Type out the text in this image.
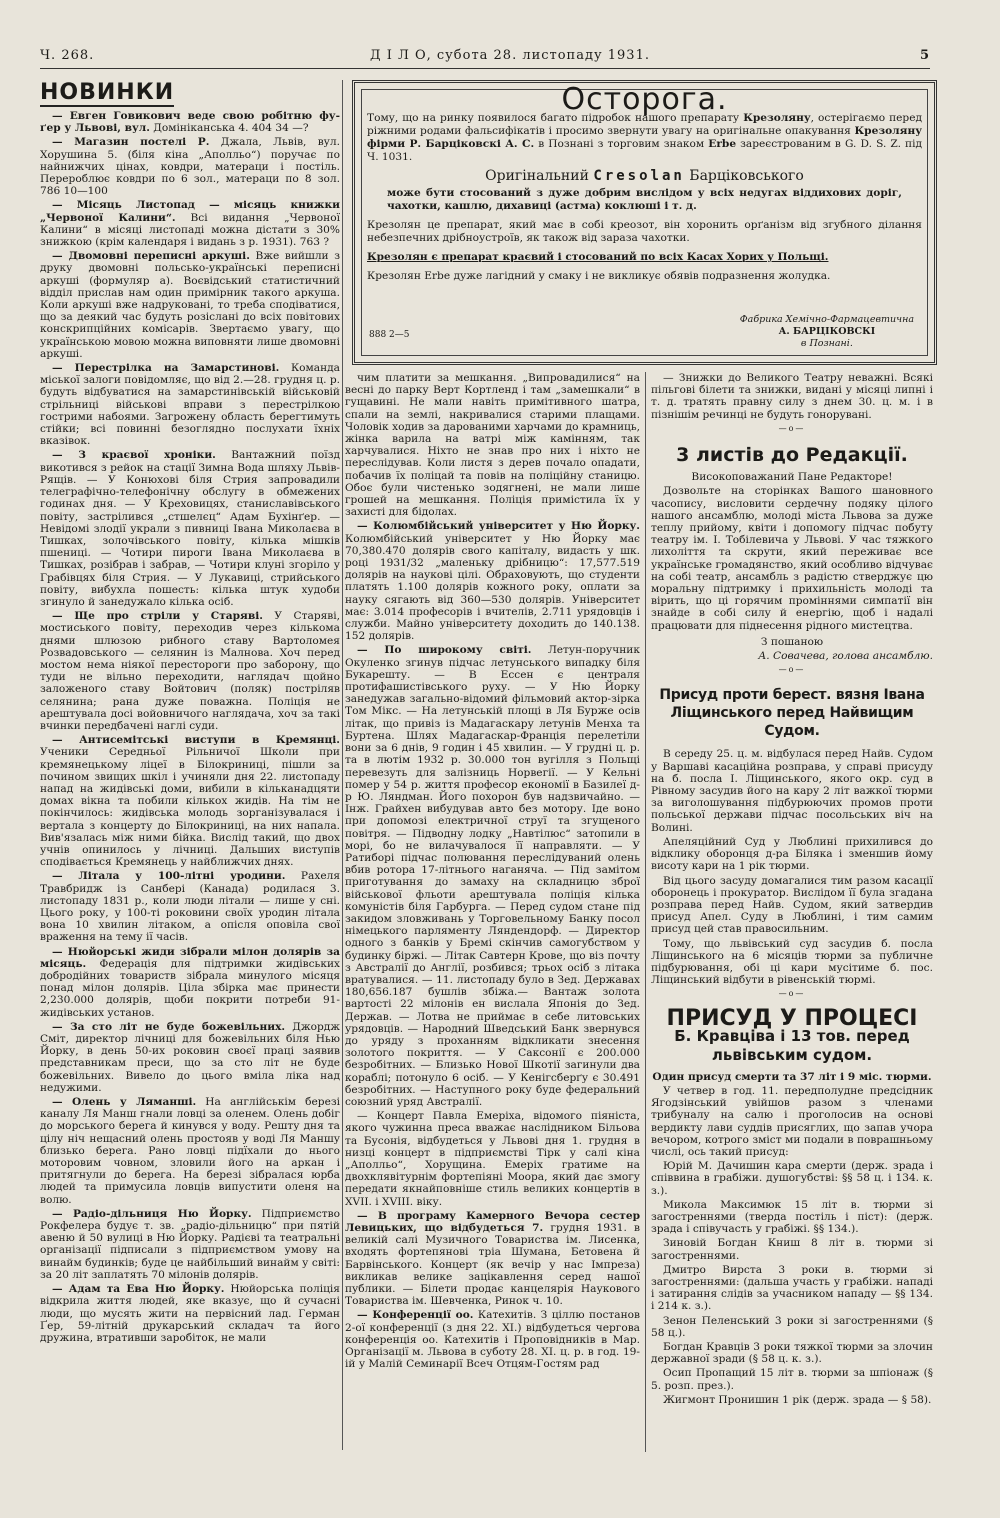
Ч. 268.	Д І Л О, субота 28. листопаду 1931.	5
НОВИНКИ

— Евген Говикович веде свою робітню фу- ґер у Львові, вул. Домініканська 4. 404 34 —?

— Магазин постелі Р. Джала, Львів, вул. Хорушина 5. (біля кіна „Аполльо“) поручає по найнижчих цінах, ковдри, матераци і постіль. Перероблює ковдри по 6 зол., матераци по 8 зол. 786 10—100

— Місяць Листопад — місяць книжки „Червоної Калини“. Всі видання „Червоної Калини“ в місяці листопаді можна дістати з 30% знижкою (крім календаря і видань з р. 1931). 763 ?

— Двомовні переписні аркуші. Вже вийшли з друку двомовні польсько-українські переписні аркуші (формуляр а). Воєвідський статистичний відділ прислав нам один примірник такого аркуша. Коли аркуші вже надруковані, то треба сподіватися, що за деякий час будуть розіслані до всіх повітових конскрипційних комісарів. Звертаємо увагу, що українською мовою можна виповняти лише двомовні аркуші.

— Перестрілка на Замарстинові. Команда міської залоги повідомляє, що від 2.—28. грудня ц. р. будуть відбуватися на замарстинівській військовій стрільниці військові вправи з перестрілкою гострими набоями. Загрожену область берегтимуть стійки; всі повинні безоглядно послухати їхніх вказівок.

— З краєвої хроніки. Вантажний поїзд викотився з рейок на стації Зимна Вода шляху Львів-Рящів. — У Конюхові біля Стрия запровадили телеграфічно-телефонічну обслугу в обмежених годинах дня. — У Креховицях, станиславівського повіту, застрілився „стшелєц“ Адам Бухінґер. — Невідомі злодії украли з пивниці Івана Миколаєва в Тишках, золочівського повіту, кілька мішків пшениці. — Чотири пироги Івана Миколаєва в Тишках, розібрав і забрав, — Чотири клуні згоріло у Грабівцях біля Стрия. — У Лукавиці, стрийського повіту, вибухла пошесть: кілька штук худоби згинуло й занедужало кілька осіб.

— Ще про стріли у Старяві. У Старяві, мостиського повіту, переходив через кількома днями шлюзою рибного ставу Вартоломея Розвадовського — селянин із Малнова. Хоч перед мостом нема ніякої перестороги про заборону, що туди не вільно переходити, наглядач щойно заложеного ставу Войтович (поляк) постріляв селянина; рана дуже поважна. Поліція не арештувала досі войовничого наглядача, хоч за такі вчинки передбачені наглі суди.

— Антисемітські виступи в Кремянці. Ученики Середньої Рільничої Школи при кремянецькому ліцеї в Білокриниці, пішли за почином звищих шкіл і учиняли дня 22. листопаду напад на жидівські доми, вибили в кільканадцяти домах вікна та побили кількох жидів. На тім не покінчилось: жидівська молодь зорганізувалася і вертала з концерту до Білокриниці, на них напала. Вив'язалась між ними бійка. Вислід такий, що двох учнів опинилось у лічниці. Дальших виступів сподівається Кремянець у найближчих днях.

— Літала у 100-літні уродини. Рахеля Травбридж із Санбері (Канада) родилася 3. листопаду 1831 р., коли люди літали — лише у снi. Цього року, у 100-ті роковини своїх уродин літала вона 10 хвилин літаком, а опісля оповіла свої враження на тему ії часів.

— Нюйорські жиди зібрали мілон долярів за місяць. Федерація для підтримки жидівських добродійних товариств зібрала минулого місяця понад мілон долярів. Ціла збірка має принести 2,230.000 долярів, щоби покрити потреби 91-жидівських установ.

— За сто літ не буде божевільних. Джордж Сміт, директор лічниці для божевільних біля Нью Йорку, в день 50-их роковин своєї праці заявив представникам преси, що за сто літ не буде божевільних. Вивело до цього вміла ліка над недужими.

— Олень у Ляманші. На англійськім березі каналу Ля Манш гнали ловці за оленем. Олень добіг до морського берега й кинувся у воду. Решту дня та цілу ніч нещасний олень простояв у воді Ля Маншу близько берега. Рано ловці підїхали до нього моторовим човном, зловили його на аркан і притягнули до берега. На березі зібралася юрба людей та примусила ловців випустити оленя на волю.

— Радіо-дільниця Ню Йорку. Підприємство Рокфелера будує т. зв. „радіо-дільницю“ при пятій авеню й 50 вулиці в Ню Йорку. Радієві та театральні організації підписали з підприємством умову на винайм будинків; буде це найбільший винайм у світі: за 20 літ заплатять 70 мілонів долярів.

— Адам та Ева Ню Йорку. Нюйорська поліція відкрила життя людей, яке вказує, що й сучасні люди, що мусять жити на первісний лад. Герман Ґер, 59-літній друкарський складач та його дружина, втративши заробіток, не мали

Осторога.

Тому, що на ринку появилося багато підробок нашого препарату Крезоляну, остерігаємо перед ріжними родами фальсифікатів і просимо звернути увагу на оригінальне опакування Крезоляну фірми Р. Барціковскі А. С. в Познані з торговим знаком Erbe зареєстрованим в G. D. S. Z. під Ч. 1031.

Оригінальний Cresolan Барціковського

може бути стосований з дуже добрим вислідом у всіх недугах віддихових доріг, чахотки, кашлю, дихавиці (астма) коклюші і т. д.

Крезолян це препарат, який має в собі креозот, він хоронить орґанізм від згубного ділання небезпечних дрібноустроїв, як також від зараза чахотки.

Крезолян є препарат краєвий і стосований по всіх Касах Хорих у Польщі.

Крезолян Erbe дуже лагідний у смаку і не викликує обявів подразнення жолудка.

888 2—5
Фабрика Хемічно-Фармацевтична
А. БАРЦІКОВСКІ
в Познані.

чим платити за мешкання. „Випровадилися“ на весні до парку Верт Кортленд і там „замешкали“ в гущавині. Не мали навіть примітивного шатра, спали на землі, накривалися старими плащами. Чоловік ходив за дарованими харчами до крамниць, жінка варила на ватрі між камінням, так харчувалися. Ніхто не знав про них і ніхто не переслідував. Коли листя з дерев почало опадати, побачив їх поліцай та повів на поліційну станицю. Обоє були чистенько зодягнені, не мали лише грошей на мешкання. Поліція примістила їх у захисті для бідолах.

— Колюмбійський університет у Ню Йорку. Колюмбійський університет у Ню Йорку має 70,380.470 долярів свого капіталу, видасть у шк. році 1931/32 „маленьку дрібницю“: 17,577.519 долярів на наукові цілі. Обраховують, що студенти платять 1.100 долярів кожного року, оплати за науку сягають від 360—530 долярів. Університет має: 3.014 професорів і вчителів, 2.711 урядовців і служби. Майно університету доходить до 140.138. 152 долярів.

— По широкому світі. Летун-поручник Окуленко згинув підчас летунського випадку біля Букарешту. — В Ессен є централя протифашистівського руху. — У Ню Йорку занедужав загально-відомий фільмовий актор-зірка Том Мікс. — На летунській площі в Ля Бурже осів літак, що привіз із Мадагаскару летунів Менха та Буртена. Шлях Мадагаскар-Франція перелетіли вони за 6 днів, 9 годин і 45 хвилин. — У грудні ц. р. та в лютім 1932 р. 30.000 тон вугілля з Польщі перевезуть для залізниць Норвегії. — У Кельні помер у 54 р. життя професор економії в Базилеї д-р Ю. Ляндман. Його похорон був надзвичайно. — Інж. Грайхен вибудував авто без мотору. Іде воно при допомозі електричної струї та згущеного повітря. — Підводну лодку „Навтілюс“ затопили в морі, бо не вилачувалося її направляти. — У Ратиборі пiдчас полювання переслідуваний олень вбив ротора 17-літнього наганяча. — Під замітом приготування до замаху на складницю зброї військової фльоти арештувала поліція кілька комуністів біля Гарбурга. — Перед судом стане під закидом зловживань у Торговельному Банку посол німецького парляменту Ляндендорф. — Директор одного з банків у Бремі скінчив самогубством у будинку біржі. — Літак Савтерн Крове, що віз почту з Австралії до Англії, розбився; трьох осіб з літака вратувалися. — 11. листопаду було в Зед. Державах 180,656.187 бушлів збіжа.— Вантаж золота вартості 22 мілонів ен вислала Японія до Зед. Держав. — Лотва не приймає в себе литовських урядовців. — Народний Шведський Банк звернувся до уряду з проханням відкликати знесення золотого покриття. — У Саксонії є 200.000 безробітних. — Близько Нової Шкотії загинули два кораблі; потонуло 6 осіб. — У Кенігсберґу є 30.491 безробітних. — Наступного року буде федеральний союзний уряд Австралії.

— Концерт Павла Емеріха, відомого піяніста, якого чужинна преса вважає наслідником Більова та Бусонія, відбудеться у Львові дня 1. грудня в низці концерт в підприємстві Тірк у салі кіна „Аполльо“, Хорущина. Емеріх гратиме на двохклявітурнім фортепіяні Моора, який дає змогу передати якнайповніше стиль великих концертів в XVII. і XVIII. віку.

— В програму Камерного Вечора сестер Левицьких, що відбудеться 7. грудня 1931. в великій салі Музичного Товариства ім. Лисенка, входять фортепянові тріа Шумана, Бетовена й Барвінського. Концерт (як вечір у нас Імпреза) викликав велике зацікавлення серед нашої публики. — Білети продає канцелярія Наукового Товариства ім. Шевченка, Ринок ч. 10.

— Конференції оо. Катехитів. З ціллю постанов 2-ої конференції (з дня 22. XI.) відбудеться чергова конференція оо. Катехитів і Проповідників в Мар. Організації м. Львова в суботу 28. XI. ц. р. в год. 19-ій у Малій Семинарії Всеч Отцям-Гостям рад

— Знижки до Великого Театру неважні. Всякі пільгові білети та знижки, видані у місяці липні і т. д. тратять правну силу з днем 30. ц. м. і в пізнішім речинці не будуть гонорувані.

—о—
3 листів до Редакції.

Високоповажаний Пане Редакторе!

Дозвольте на сторінках Вашого шановного часопису, висловити сердечну подяку цілого нашого ансамблю, молоді міста Львова за дуже теплу прийому, квіти і допомогу підчас побуту театру ім. І. Тобілевича у Львові. У час тяжкого лихоліття та скрути, який переживає все українське громадянство, який особливо відчуває на собі театр, ансамбль з радістю стверджує цю моральну підтримку і прихильність молоді та вірить, що ці горячим проміннями симпатії він знайде в собі силу й енергію, щоб і надалі працювати для піднесення рідного мистецтва.

З пошаною

А. Совачева, голова ансамблю.

—о—
Присуд проти берест. вязня Івана Ліщинського перед Найвищим Судом.

В середу 25. ц. м. відбулася перед Найв. Судом у Варшаві касаційна розправа, у справі присуду на б. посла І. Ліщинського, якого окр. суд в Рівному засудив його на кару 2 літ важкої тюрми за виголошування підбурюючих промов проти польської держави підчас посольських віч на Волині.

Апеляційний Суд у Люблині прихилився до відклику оборонця д-ра Біляка і зменшив йому висоту кари на 1 рік тюрми.

Від цього засуду домагалися тим разом касації оборонець і прокуратор. Вислідом її була згадана розправа перед Найв. Судом, який затвердив присуд Апел. Суду в Люблині, і тим самим присуд цей став правосильним.

Тому, що львівський суд засудив б. посла Ліщинського на 6 місяців тюрми за публичне підбурювання, обі ці кари мусітиме б. пос. Ліщинський відбути в рівенській тюрмі.

—о—
ПРИСУД У ПРОЦЕСІ
Б. Кравцiва і 13 тов. перед львівським судом.

Один присуд смерти та 37 літ і 9 міс. тюрми.

У четвер в год. 11. передполудне предсідник Ягодзінський увійшов разом з членами трибуналу на салю і проголосив на основі вердикту лави суддів присяглих, що запав учора вечором, котрого зміст ми подали в поврашньому числі, ось такий присуд:

Юрій М. Дачишин кара смерти (держ. зрада і співвина в грабіжи. душогубстві: §§ 58 ц. і 134. к. з.).

Микола Максимюк 15 літ в. тюрми зі загостреннями (тверда постіль і піст): (держ. зрада і співучасть у грабіжі. §§ 134.).

Зиновій Богдан Книш 8 літ в. тюрми зі загостреннями.

Дмитро Вирста 3 роки в. тюрми зі загостреннями: (дальша участь у грабіжи. нападі і затирання слідів за учасником нападу — §§ 134. і 214 к. з.).

Зенон Пеленський 3 роки зі загостреннями (§ 58 ц.).

Богдан Кравців 3 роки тяжкої тюрми за злочин державної зради (§ 58 ц. к. з.).

Осип Пропащий 15 літ в. тюрми за шпіонаж (§ 5. розп. през.).

Жигмонт Пронишин 1 рік (держ. зрада — § 58).
